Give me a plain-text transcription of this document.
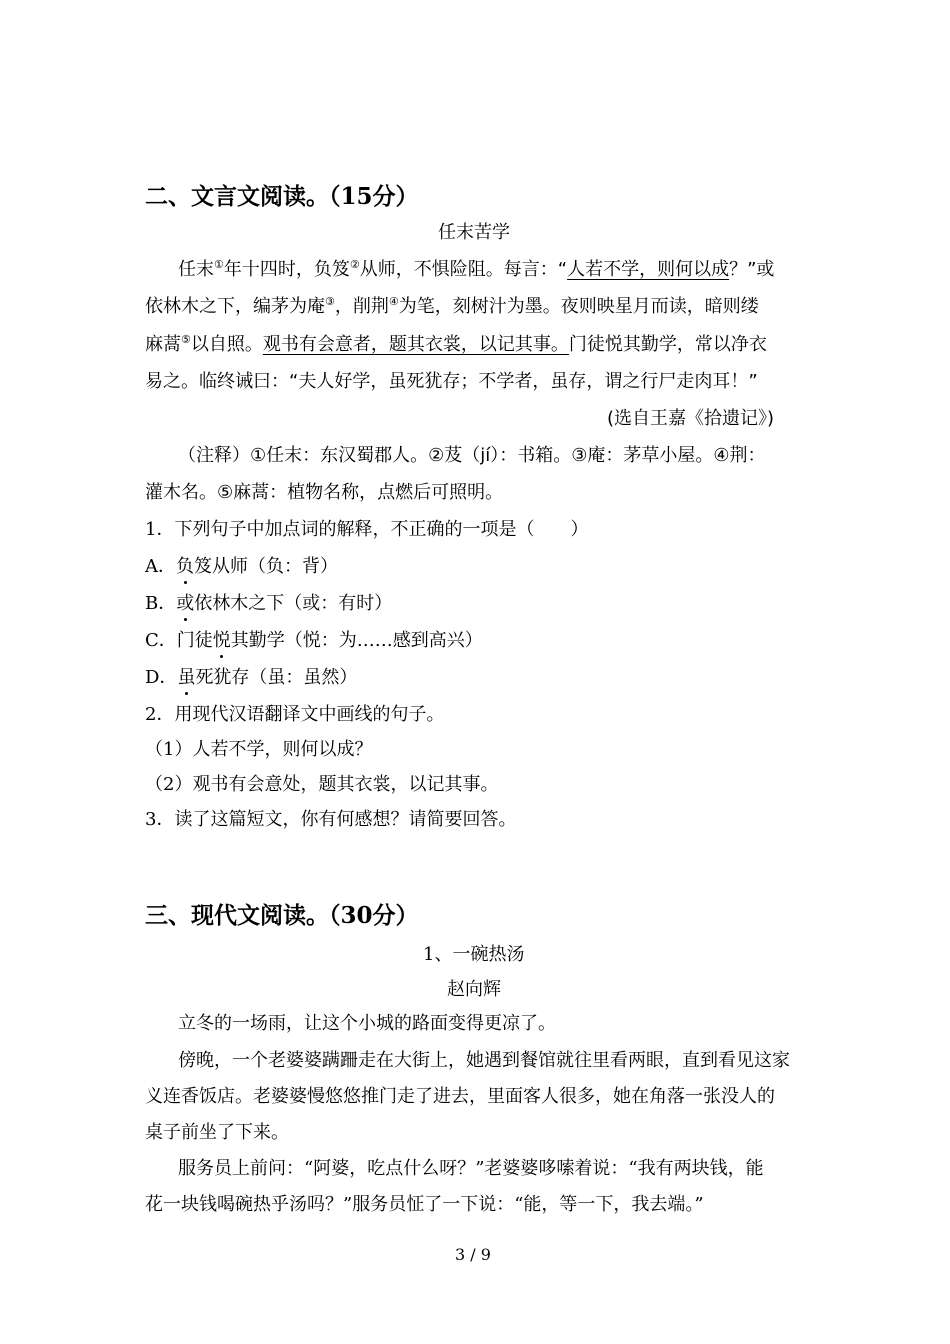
二、文言文阅读。（15分）
任末苦学
任末①年十四时，负笈②从师，不惧险阻。每言：“人若不学，则何以成？”或
依林木之下，编茅为庵③，削荆④为笔，刻树汁为墨。夜则映星月而读，暗则缕
麻蒿⑤以自照。观书有会意者，题其衣裳，以记其事。门徒悦其勤学，常以净衣
易之。临终诫曰：“夫人好学，虽死犹存；不学者，虽存，谓之行尸走肉耳！”
(选自王嘉《拾遗记》)
（注释）①任末：东汉蜀郡人。②芨（jí）：书箱。③庵：茅草小屋。④荆：
灌木名。⑤麻蒿：植物名称，点燃后可照明。
1．下列句子中加点词的解释，不正确的一项是（　　）
A．负笈从师（负：背）
B．或依林木之下（或：有时）
C．门徒悦其勤学（悦：为……感到高兴）
D．虽死犹存（虽：虽然）
2．用现代汉语翻译文中画线的句子。
（1）人若不学，则何以成？
（2）观书有会意处，题其衣裳，以记其事。
3．读了这篇短文，你有何感想？请简要回答。
三、现代文阅读。（30分）
1、一碗热汤
赵向辉
立冬的一场雨，让这个小城的路面变得更凉了。
傍晚，一个老婆婆蹒跚走在大街上，她遇到餐馆就往里看两眼，直到看见这家
义连香饭店。老婆婆慢悠悠推门走了进去，里面客人很多，她在角落一张没人的
桌子前坐了下来。
服务员上前问：“阿婆，吃点什么呀？”老婆婆哆嗦着说：“我有两块钱，能
花一块钱喝碗热乎汤吗？”服务员怔了一下说：“能，等一下，我去端。”
3 / 9
